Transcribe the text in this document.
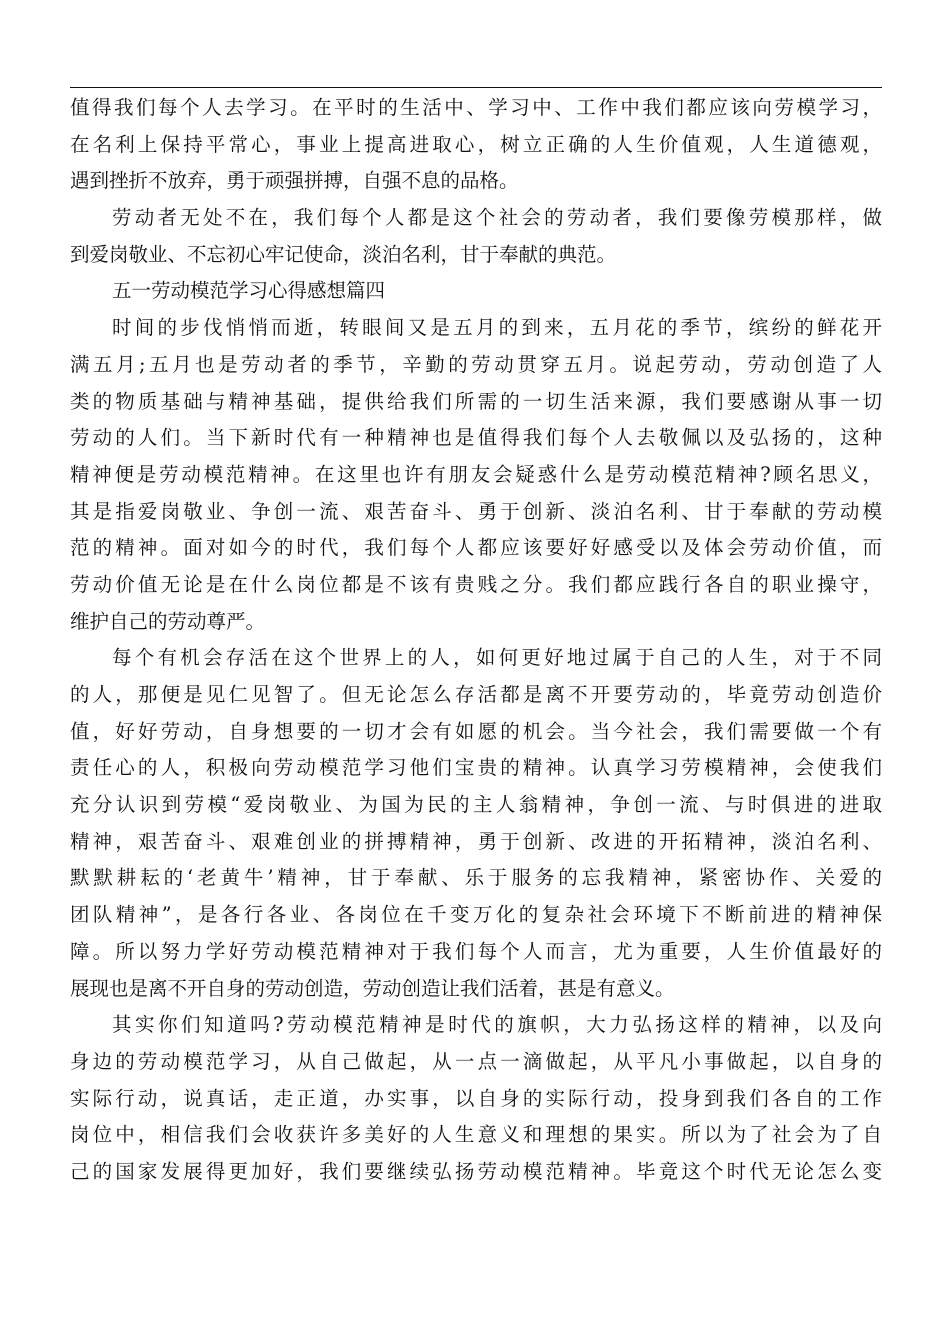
值得我们每个人去学习。在平时的生活中、学习中、工作中我们都应该向劳模学习，
在名利上保持平常心，事业上提高进取心，树立正确的人生价值观，人生道德观，
遇到挫折不放弃，勇于顽强拼搏，自强不息的品格。
劳动者无处不在，我们每个人都是这个社会的劳动者，我们要像劳模那样，做
到爱岗敬业、不忘初心牢记使命，淡泊名利，甘于奉献的典范。
五一劳动模范学习心得感想篇四
时间的步伐悄悄而逝，转眼间又是五月的到来，五月花的季节，缤纷的鲜花开
满五月;五月也是劳动者的季节，辛勤的劳动贯穿五月。说起劳动，劳动创造了人
类的物质基础与精神基础，提供给我们所需的一切生活来源，我们要感谢从事一切
劳动的人们。当下新时代有一种精神也是值得我们每个人去敬佩以及弘扬的，这种
精神便是劳动模范精神。在这里也许有朋友会疑惑什么是劳动模范精神?顾名思义，
其是指爱岗敬业、争创一流、艰苦奋斗、勇于创新、淡泊名利、甘于奉献的劳动模
范的精神。面对如今的时代，我们每个人都应该要好好感受以及体会劳动价值，而
劳动价值无论是在什么岗位都是不该有贵贱之分。我们都应践行各自的职业操守，
维护自己的劳动尊严。
每个有机会存活在这个世界上的人，如何更好地过属于自己的人生，对于不同
的人，那便是见仁见智了。但无论怎么存活都是离不开要劳动的，毕竟劳动创造价
值，好好劳动，自身想要的一切才会有如愿的机会。当今社会，我们需要做一个有
责任心的人，积极向劳动模范学习他们宝贵的精神。认真学习劳模精神，会使我们
充分认识到劳模“爱岗敬业、为国为民的主人翁精神，争创一流、与时俱进的进取
精神，艰苦奋斗、艰难创业的拼搏精神，勇于创新、改进的开拓精神，淡泊名利、
默默耕耘的‘老黄牛’精神，甘于奉献、乐于服务的忘我精神，紧密协作、关爱的
团队精神”，是各行各业、各岗位在千变万化的复杂社会环境下不断前进的精神保
障。所以努力学好劳动模范精神对于我们每个人而言，尤为重要，人生价值最好的
展现也是离不开自身的劳动创造，劳动创造让我们活着，甚是有意义。
其实你们知道吗?劳动模范精神是时代的旗帜，大力弘扬这样的精神，以及向
身边的劳动模范学习，从自己做起，从一点一滴做起，从平凡小事做起，以自身的
实际行动，说真话，走正道，办实事，以自身的实际行动，投身到我们各自的工作
岗位中，相信我们会收获许多美好的人生意义和理想的果实。所以为了社会为了自
己的国家发展得更加好，我们要继续弘扬劳动模范精神。毕竟这个时代无论怎么变
